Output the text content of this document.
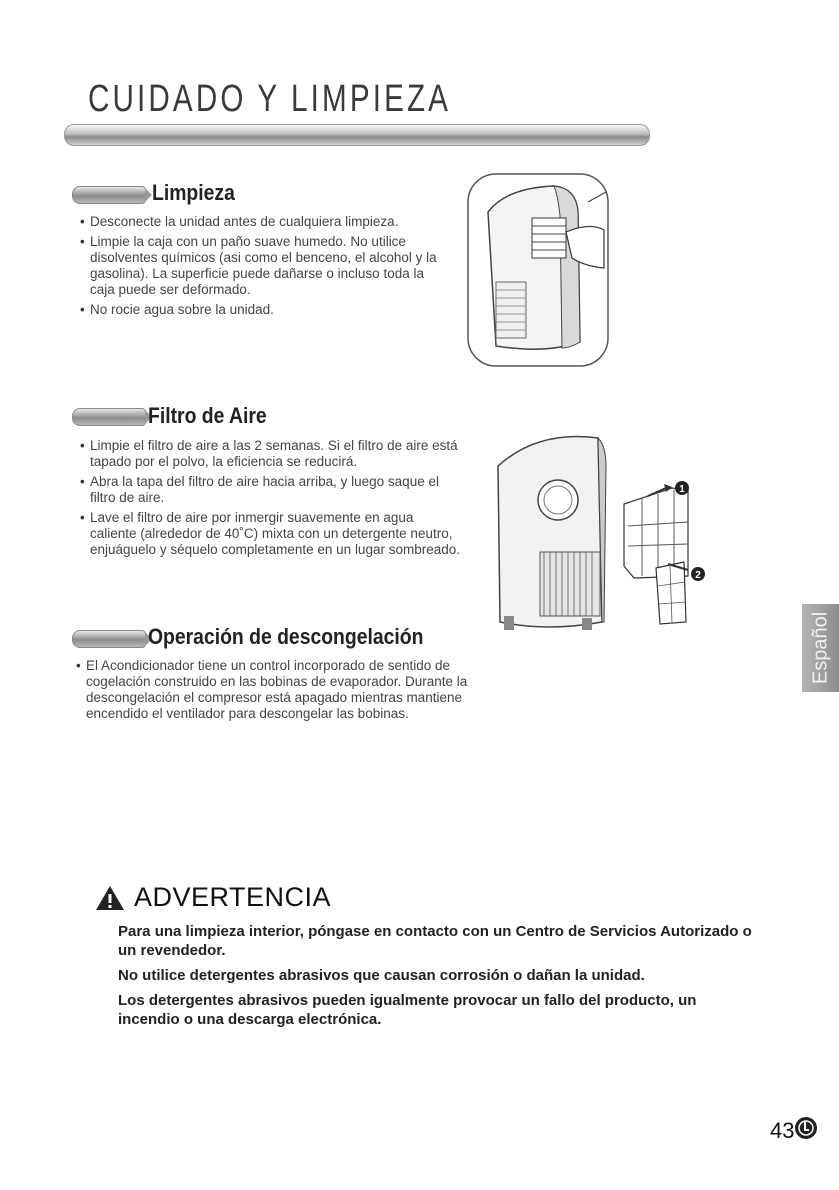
CUIDADO Y LIMPIEZA
Limpieza
• Desconecte la unidad antes de cualquiera limpieza.
• Limpie la caja con un paño suave humedo. No utilice disolventes químicos (asi como el benceno, el alcohol y la gasolina). La superficie puede dañarse o incluso toda la caja puede ser deformado.
• No rocie agua sobre la unidad.
Filtro de Aire
• Limpie el filtro de aire a las 2 semanas. Si el filtro de aire está tapado por el polvo, la eficiencia se reducirá.
• Abra la tapa del filtro de aire hacia arriba, y luego saque el filtro de aire.
• Lave el filtro de aire por inmergir suavemente en agua caliente (alrededor de 40˚C) mixta con un detergente neutro, enjuáguelo y séquelo completamente en un lugar sombreado.
1
2
Operación de descongelación
• El Acondicionador tiene un control incorporado de sentido de cogelación construido en las bobinas de evaporador. Durante la descongelación el compresor está apagado mientras mantiene encendido el ventilador para descongelar las bobinas.
Español
ADVERTENCIA

Para una limpieza interior, póngase en contacto con un Centro de Servicios Autorizado o un revendedor.

No utilice detergentes abrasivos que causan corrosión o dañan la unidad.

Los detergentes abrasivos pueden igualmente provocar un fallo del producto, un incendio o una descarga electrónica.

43
